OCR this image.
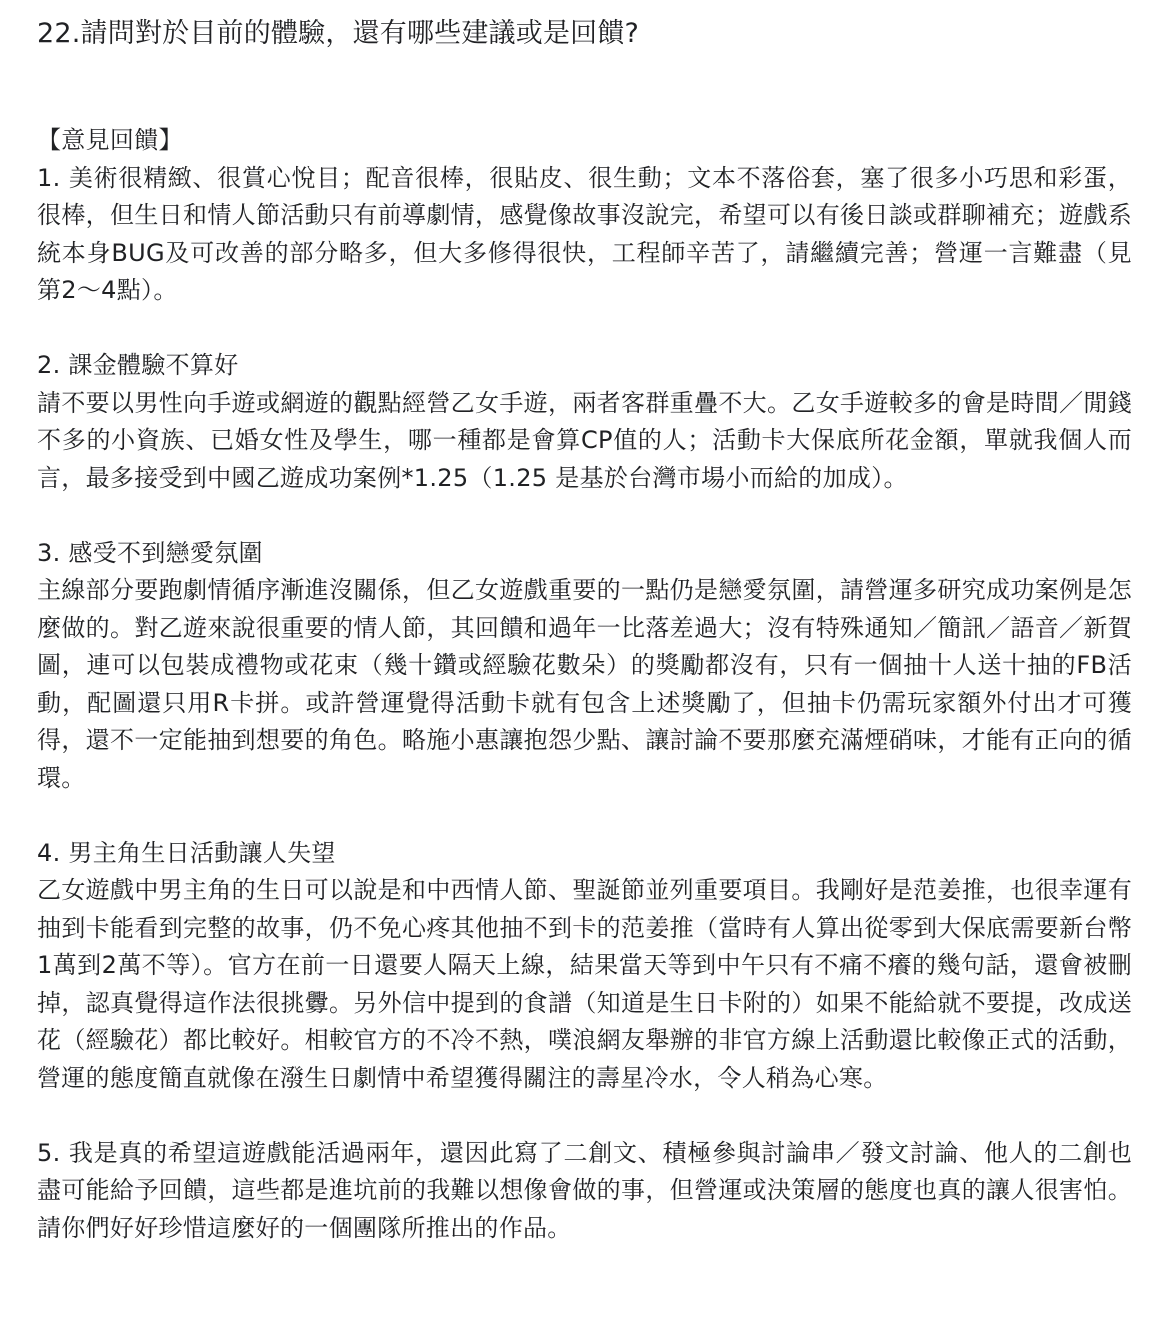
22.請問對於目前的體驗，還有哪些建議或是回饋?

【意見回饋】

1. 美術很精緻、很賞心悅目；配音很棒，很貼皮、很生動；文本不落俗套，塞了很多小巧思和彩蛋，很棒，但生日和情人節活動只有前導劇情，感覺像故事沒說完，希望可以有後日談或群聊補充；遊戲系統本身BUG及可改善的部分略多，但大多修得很快，工程師辛苦了，請繼續完善；營運一言難盡（見第2～4點）。

2. 課金體驗不算好

請不要以男性向手遊或網遊的觀點經營乙女手遊，兩者客群重疊不大。乙女手遊較多的會是時間／閒錢不多的小資族、已婚女性及學生，哪一種都是會算CP值的人；活動卡大保底所花金額，單就我個人而言，最多接受到中國乙遊成功案例*1.25（1.25 是基於台灣市場小而給的加成）。

3. 感受不到戀愛氛圍

主線部分要跑劇情循序漸進沒關係，但乙女遊戲重要的一點仍是戀愛氛圍，請營運多研究成功案例是怎麼做的。對乙遊來說很重要的情人節，其回饋和過年一比落差過大；沒有特殊通知／簡訊／語音／新賀圖，連可以包裝成禮物或花束（幾十鑽或經驗花數朵）的獎勵都沒有，只有一個抽十人送十抽的FB活動，配圖還只用R卡拼。或許營運覺得活動卡就有包含上述獎勵了，但抽卡仍需玩家額外付出才可獲得，還不一定能抽到想要的角色。略施小惠讓抱怨少點、讓討論不要那麼充滿煙硝味，才能有正向的循環。

4. 男主角生日活動讓人失望

乙女遊戲中男主角的生日可以說是和中西情人節、聖誕節並列重要項目。我剛好是范姜推，也很幸運有抽到卡能看到完整的故事，仍不免心疼其他抽不到卡的范姜推（當時有人算出從零到大保底需要新台幣1萬到2萬不等）。官方在前一日還要人隔天上線，結果當天等到中午只有不痛不癢的幾句話，還會被刪掉，認真覺得這作法很挑釁。另外信中提到的食譜（知道是生日卡附的）如果不能給就不要提，改成送花（經驗花）都比較好。相較官方的不冷不熱，噗浪網友舉辦的非官方線上活動還比較像正式的活動，營運的態度簡直就像在潑生日劇情中希望獲得關注的壽星冷水，令人稍為心寒。

5. 我是真的希望這遊戲能活過兩年，還因此寫了二創文、積極參與討論串／發文討論、他人的二創也盡可能給予回饋，這些都是進坑前的我難以想像會做的事，但營運或決策層的態度也真的讓人很害怕。請你們好好珍惜這麼好的一個團隊所推出的作品。
